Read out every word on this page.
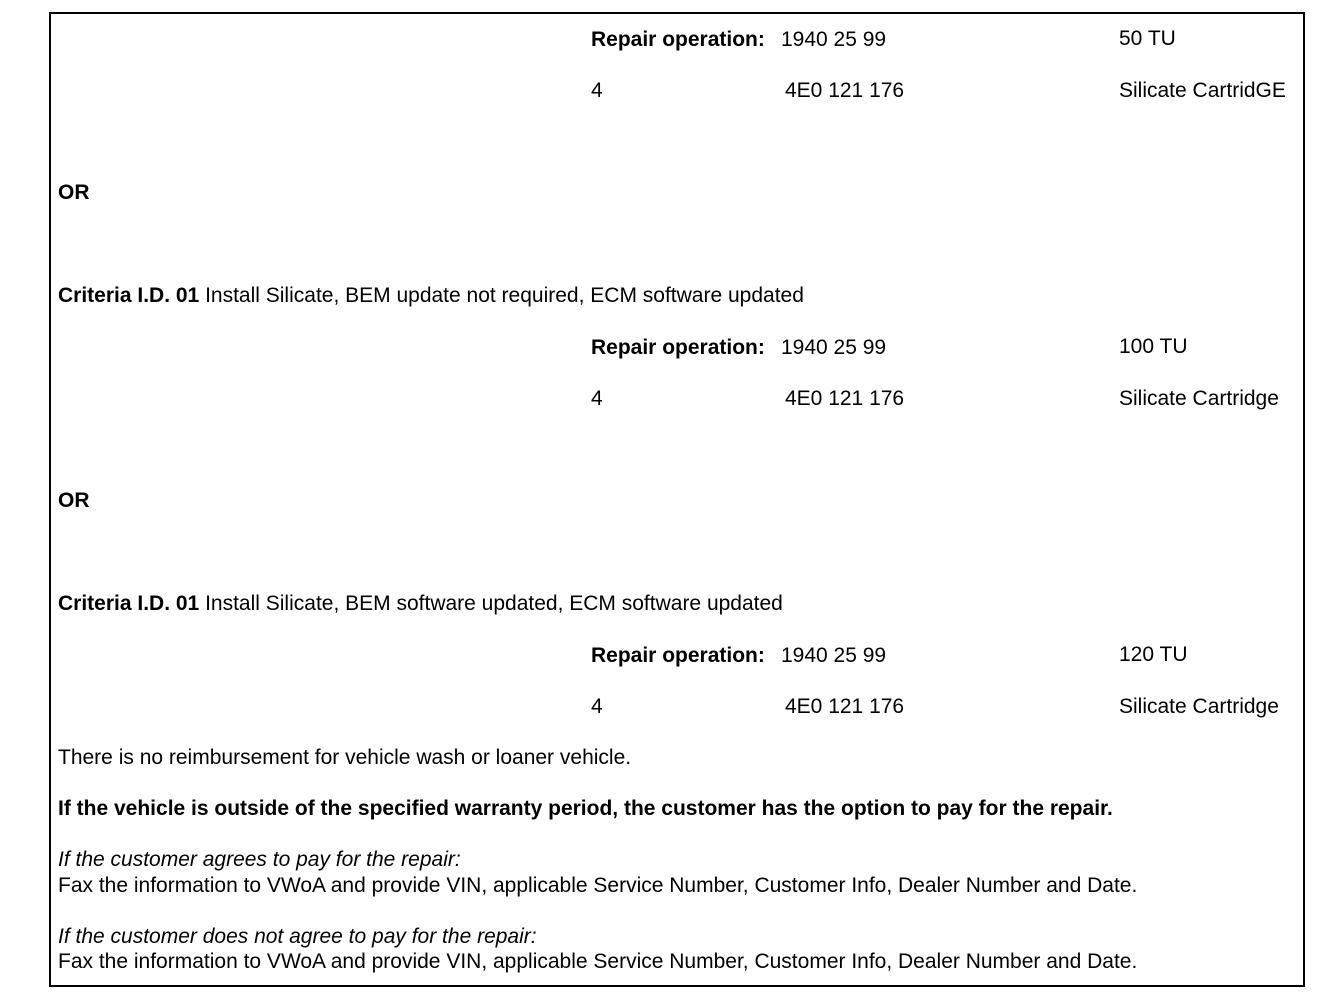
Repair operation: 1940 25 99	50 TU
4	4E0 121 176	Silicate CartridGE
OR
Criteria I.D. 01 Install Silicate, BEM update not required, ECM software updated
Repair operation: 1940 25 99	100 TU
4	4E0 121 176	Silicate Cartridge
OR
Criteria I.D. 01 Install Silicate, BEM software updated, ECM software updated
Repair operation: 1940 25 99	120 TU
4	4E0 121 176	Silicate Cartridge
There is no reimbursement for vehicle wash or loaner vehicle.
If the vehicle is outside of the specified warranty period, the customer has the option to pay for the repair.
If the customer agrees to pay for the repair:
Fax the information to VWoA and provide VIN, applicable Service Number, Customer Info, Dealer Number and Date.
If the customer does not agree to pay for the repair:
Fax the information to VWoA and provide VIN, applicable Service Number, Customer Info, Dealer Number and Date.
